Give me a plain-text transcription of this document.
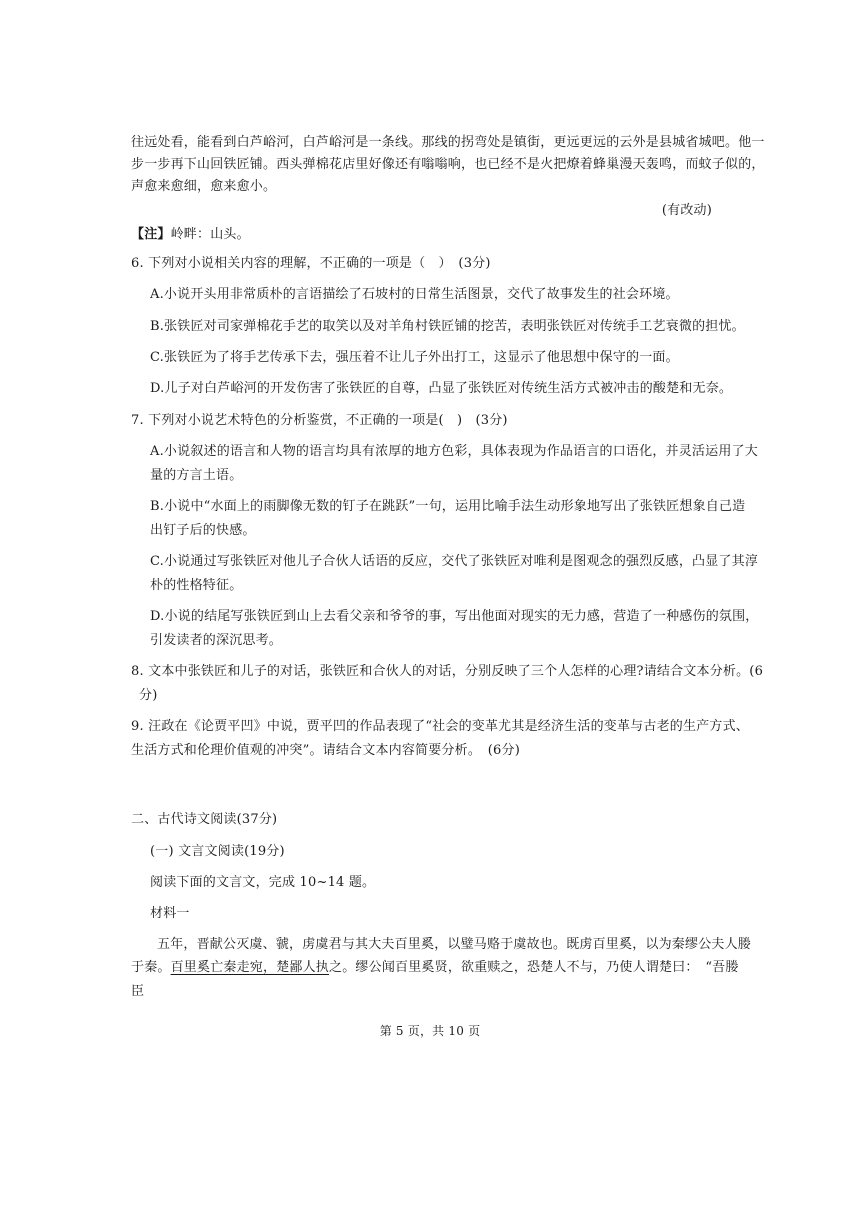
往远处看，能看到白芦峪河，白芦峪河是一条线。那线的拐弯处是镇街，更远更远的云外是县城省城吧。他一
步一步再下山回铁匠铺。西头弹棉花店里好像还有嗡嗡响，也已经不是火把燎着蜂巢漫天轰鸣，而蚊子似的，
声愈来愈细，愈来愈小。
(有改动)
【注】岭畔：山头。
6. 下列对小说相关内容的理解，不正确的一项是（　）　(3分)
A.小说开头用非常质朴的言语描绘了石坡村的日常生活图景，交代了故事发生的社会环境。
B.张铁匠对司家弹棉花手艺的取笑以及对羊角村铁匠铺的挖苦，表明张铁匠对传统手工艺衰微的担忧。
C.张铁匠为了将手艺传承下去，强压着不让儿子外出打工，这显示了他思想中保守的一面。
D.儿子对白芦峪河的开发伤害了张铁匠的自尊，凸显了张铁匠对传统生活方式被冲击的酸楚和无奈。
7. 下列对小说艺术特色的分析鉴赏，不正确的一项是(　)　(3分)
A.小说叙述的语言和人物的语言均具有浓厚的地方色彩，具体表现为作品语言的口语化，并灵活运用了大
量的方言土语。
B.小说中“水面上的雨脚像无数的钉子在跳跃”一句，运用比喻手法生动形象地写出了张铁匠想象自己造
出钉子后的快感。
C.小说通过写张铁匠对他儿子合伙人话语的反应，交代了张铁匠对唯利是图观念的强烈反感，凸显了其淳
朴的性格特征。
D.小说的结尾写张铁匠到山上去看父亲和爷爷的事，写出他面对现实的无力感，营造了一种感伤的氛围，
引发读者的深沉思考。
8. 文本中张铁匠和儿子的对话，张铁匠和合伙人的对话，分别反映了三个人怎样的心理?请结合文本分析。(6
分)
9. 汪政在《论贾平凹》中说，贾平凹的作品表现了“社会的变革尤其是经济生活的变革与古老的生产方式、
生活方式和伦理价值观的冲突”。请结合文本内容简要分析。　(6分)
二、古代诗文阅读(37分)
(一) 文言文阅读(19分)
阅读下面的文言文，完成 10~14 题。
材料一
五年，晋献公灭虞、虢，虏虞君与其大夫百里奚，以璧马赂于虞故也。既虏百里奚，以为秦缪公夫人媵
于秦。百里奚亡秦走宛，楚鄙人执之。缪公闻百里奚贤，欲重赎之，恐楚人不与，乃使人谓楚曰：　“吾媵
臣
第 5 页，共 10 页
